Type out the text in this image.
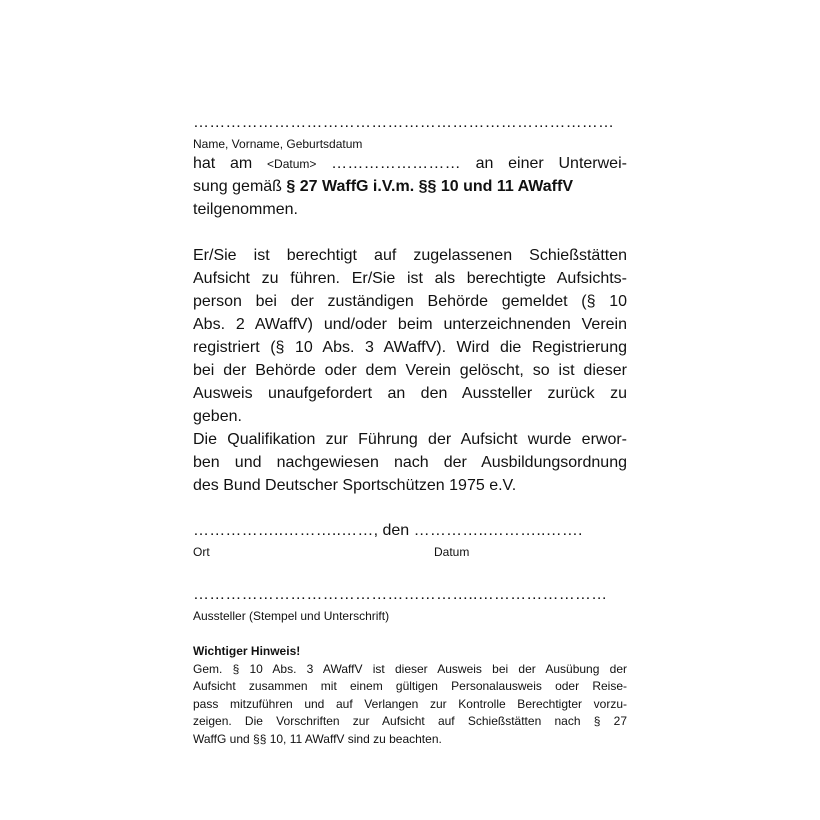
……………………………………………………………………
Name, Vorname, Geburtsdatum
hat am <Datum> …………………… an einer Unterwei-
sung gemäß § 27 WaffG i.V.m. §§ 10 und 11 AWaffV
teilgenommen.
Er/Sie ist berechtigt auf zugelassenen Schießstätten
Aufsicht zu führen. Er/Sie ist als berechtigte Aufsichts-
person bei der zuständigen Behörde gemeldet (§ 10
Abs. 2 AWaffV) und/oder beim unterzeichnenden Verein
registriert (§ 10 Abs. 3 AWaffV). Wird die Registrierung
bei der Behörde oder dem Verein gelöscht, so ist dieser
Ausweis unaufgefordert an den Aussteller zurück zu
geben.
Die Qualifikation zur Führung der Aufsicht wurde erwor-
ben und nachgewiesen nach der Ausbildungsordnung
des Bund Deutscher Sportschützen 1975 e.V.
……………..………..……, den …………..………..…….
Ort	Datum
……………………………………………..……………………
Aussteller (Stempel und Unterschrift)
Wichtiger Hinweis!
Gem. § 10 Abs. 3 AWaffV ist dieser Ausweis bei der Ausübung der
Aufsicht zusammen mit einem gültigen Personalausweis oder Reise-
pass mitzuführen und auf Verlangen zur Kontrolle Berechtigter vorzu-
zeigen. Die Vorschriften zur Aufsicht auf Schießstätten nach § 27
WaffG und §§ 10, 11 AWaffV sind zu beachten.
